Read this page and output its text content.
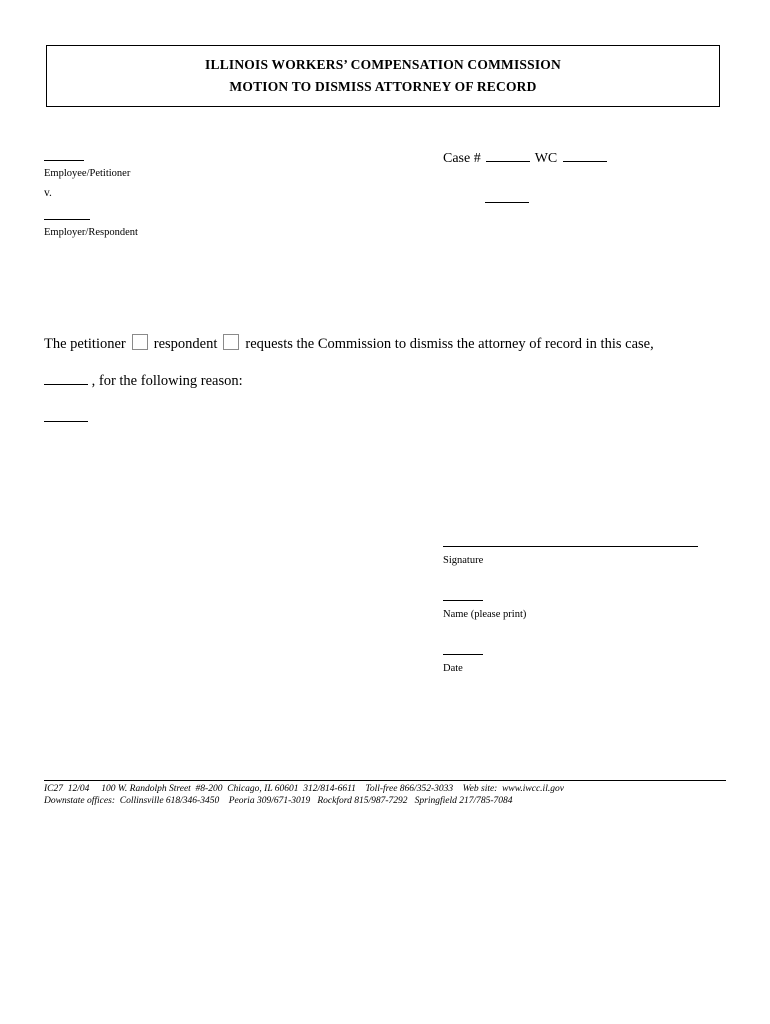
ILLINOIS WORKERS’ COMPENSATION COMMISSION
MOTION TO DISMISS ATTORNEY OF RECORD
Employee/Petitioner
v.
Employer/Respondent
Case #	WC
The petitioner respondent requests the Commission to dismiss the attorney of record in this case,
, for the following reason:
Signature
Name (please print)
Date
IC27  12/04     100 W. Randolph Street  #8-200  Chicago, IL 60601  312/814-6611    Toll-free 866/352-3033    Web site:  www.iwcc.il.gov
Downstate offices:  Collinsville 618/346-3450    Peoria 309/671-3019   Rockford 815/987-7292   Springfield 217/785-7084
